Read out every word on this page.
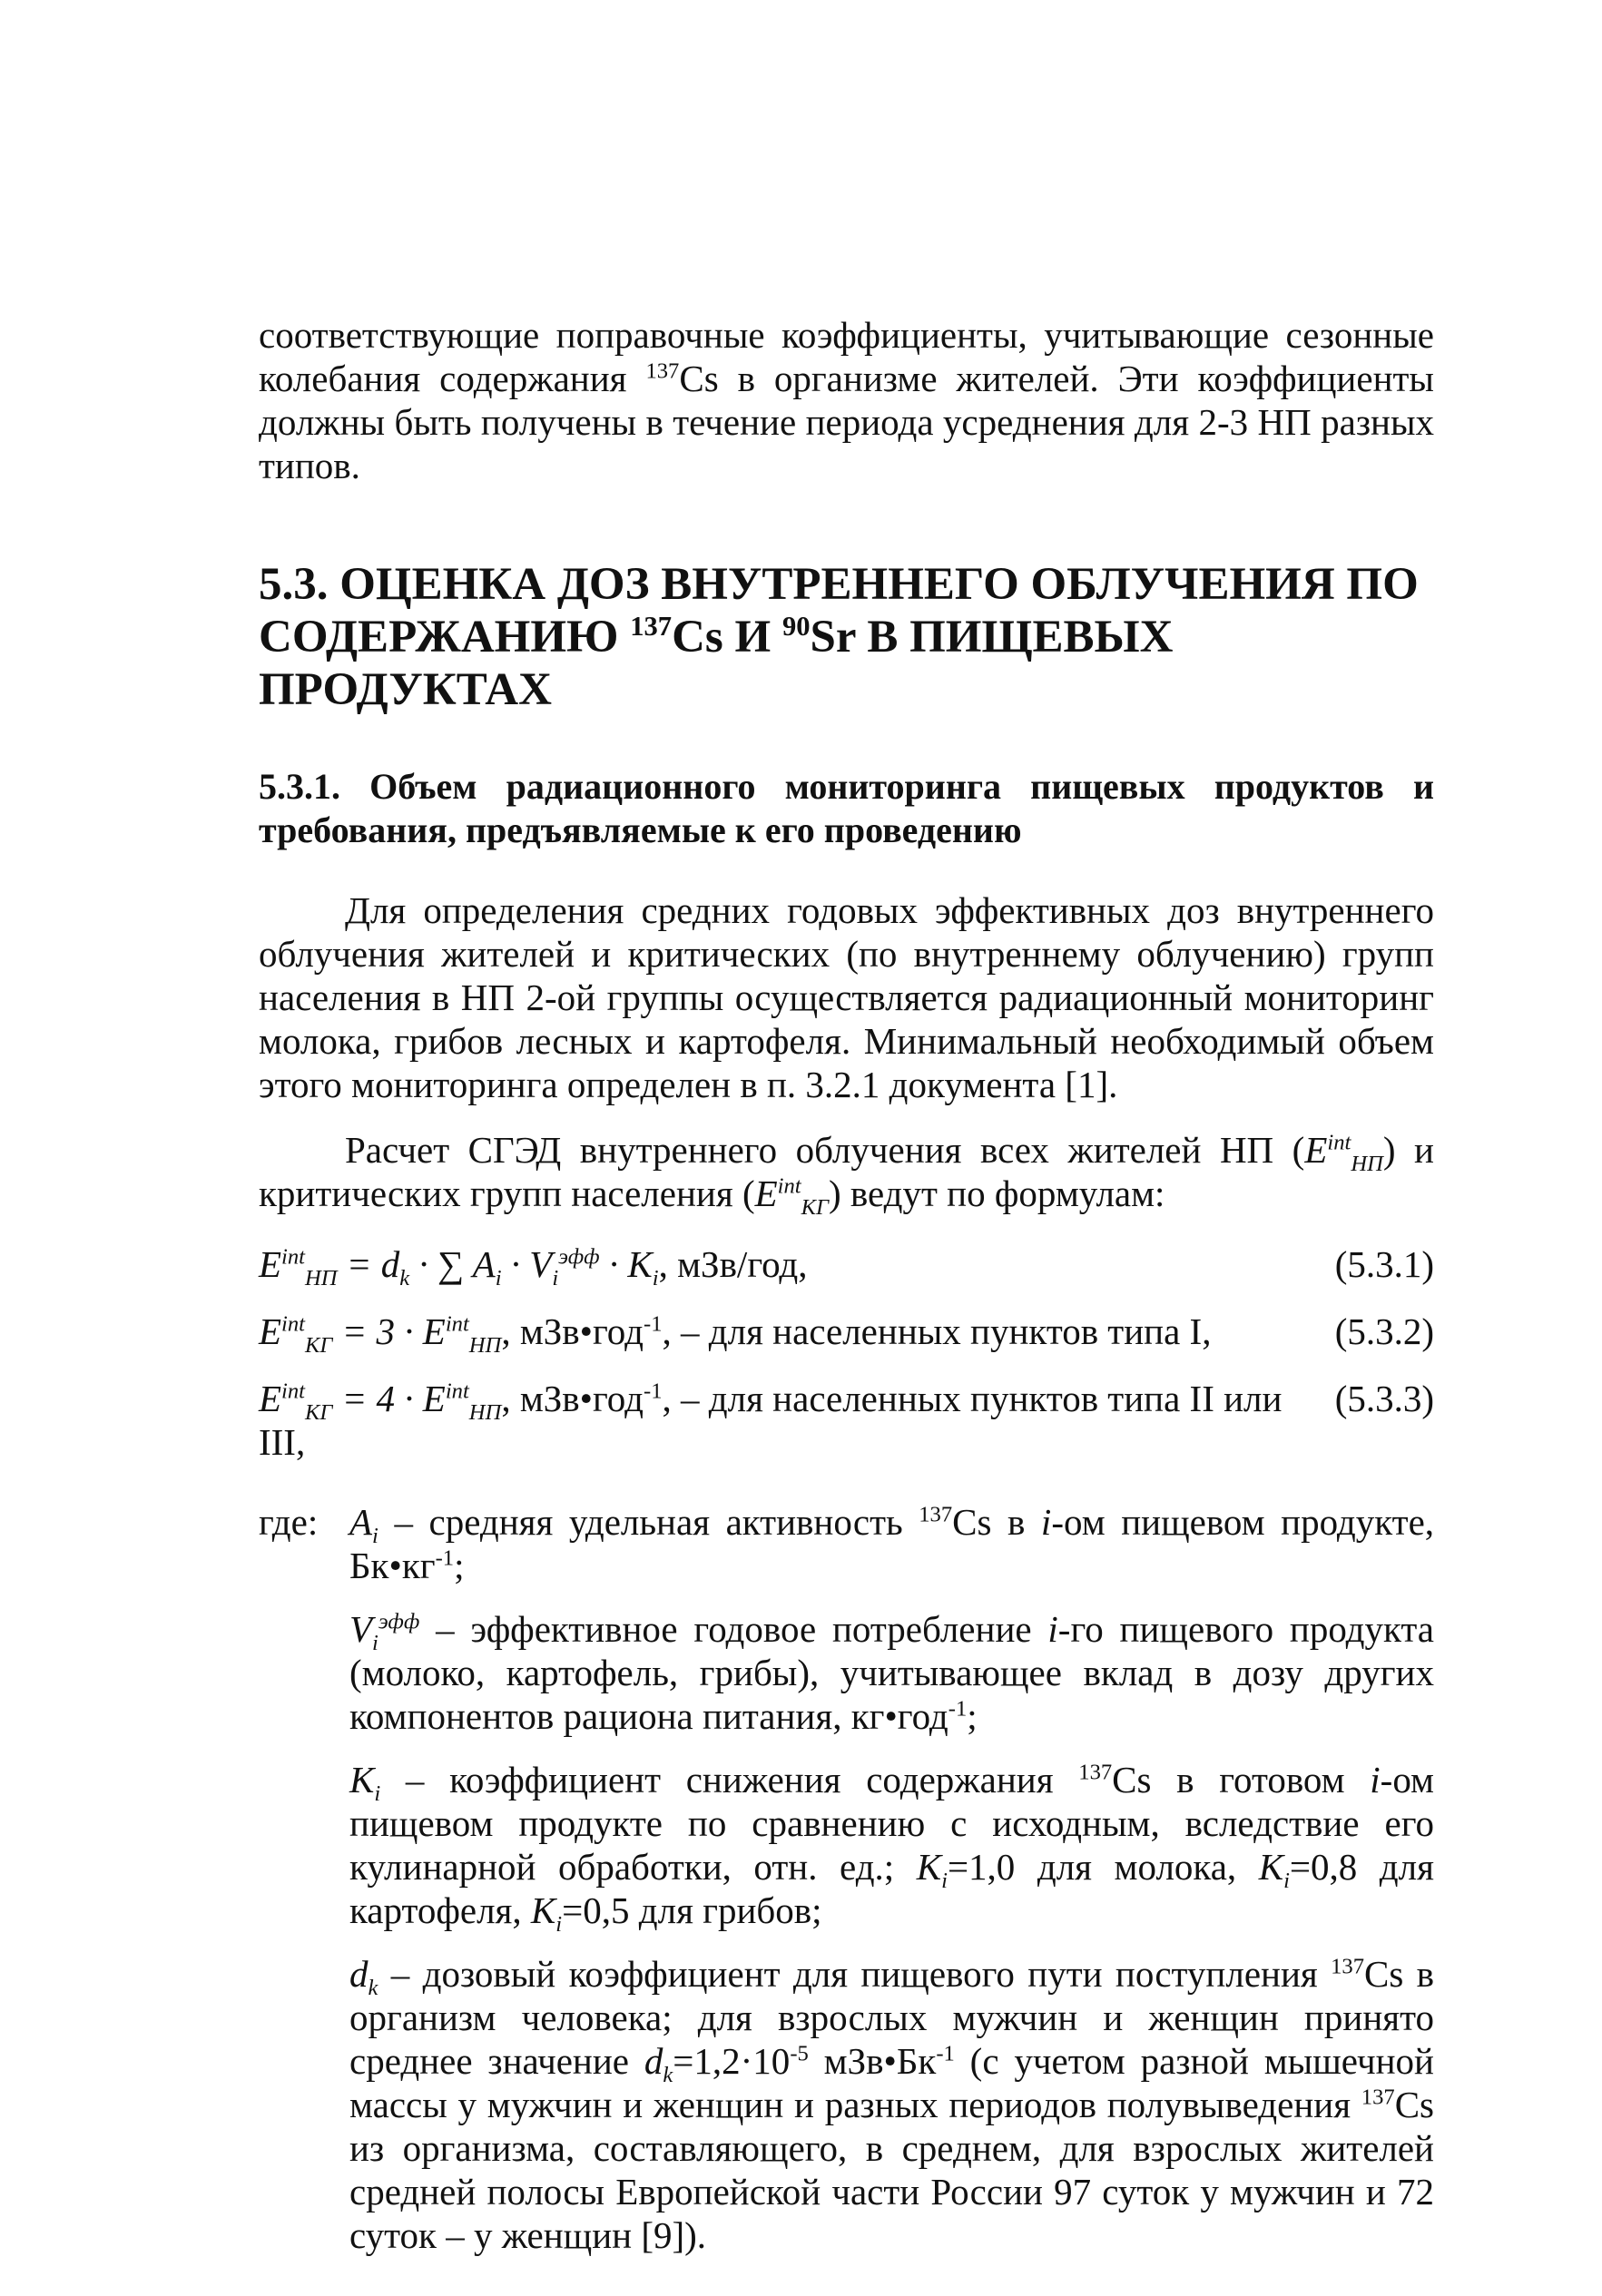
соответствующие поправочные коэффициенты, учитывающие сезонные колебания содержания $^{137}$Cs в организме жителей. Эти коэффициенты должны быть получены в течение периода усреднения для 2-3 НП разных типов.

5.3. ОЦЕНКА ДОЗ ВНУТРЕННЕГО ОБЛУЧЕНИЯ ПО СОДЕРЖАНИЮ $^{137}$Cs И $^{90}$Sr В ПИЩЕВЫХ ПРОДУКТАХ
5.3.1. Объем радиационного мониторинга пищевых продуктов и требования, предъявляемые к его проведению

Для определения средних годовых эффективных доз внутреннего облучения жителей и критических (по внутреннему облучению) групп населения в НП 2-ой группы осуществляется радиационный мониторинг молока, грибов лесных и картофеля. Минимальный необходимый объем этого мониторинга определен в п. 3.2.1 документа [1].

Расчет СГЭД внутреннего облучения всех жителей НП $(E^{int}_{НП})$ и критических групп населения $(E^{int}_{КГ})$ ведут по формулам:

$E^{int}_{НП} = d_k$ · ∑ $A_i \cdot V_i^{эфф} \cdot K_i$, мЗв/год,	(5.3.1)
$E^{int}_{КГ} = 3 \cdot E^{int}_{НП}$, мЗв•год$^{-1}$, – для населенных пунктов типа I,	(5.3.2)
$E^{int}_{КГ} = 4 \cdot E^{int}_{НП}$, мЗв•год$^{-1}$, – для населенных пунктов типа II или III,
(5.3.3)
где: $A_i$ – средняя удельная активность $^{137}$Cs в i-ом пищевом продукте, $Бк•кг^{-1}$;

$V_i^{эфф}$ – эффективное годовое потребление i-го пищевого продукта (молоко, картофель, грибы), учитывающее вклад в дозу других компонентов рациона питания, кг•год$^{-1}$;

$K_i$ – коэффициент снижения содержания $^{137}$Cs в готовом i-ом пищевом продукте по сравнению с исходным, вследствие его кулинарной обработки, отн. ед.; $K_i=1,0$ для молока, $K_i=0,8$ для картофеля, $K_i=0,5$ для грибов;

$d_k$ – дозовый коэффициент для пищевого пути поступления $^{137}$Cs в организм человека; для взрослых мужчин и женщин принято среднее значение $d_k=1,2\cdot 10^{-5}$ $мЗв•Бк^{-1}$ (с учетом разной мышечной массы у мужчин и женщин и разных периодов полувыведения $^{137}$Cs из организма, составляющего, в среднем, для взрослых жителей средней полосы Европейской части России 97 суток у мужчин и 72 суток – у женщин [9]).
